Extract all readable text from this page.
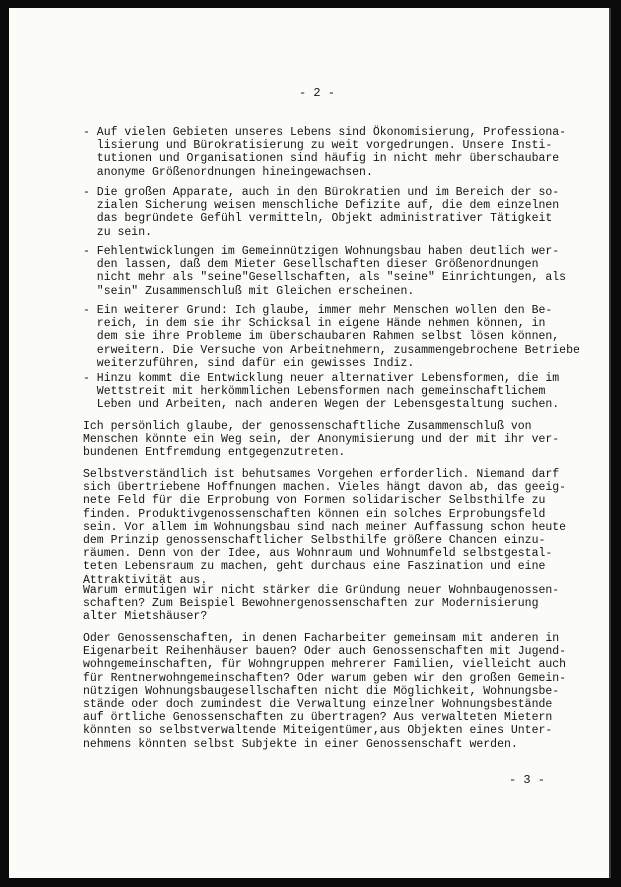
- 2 -
- Auf vielen Gebieten unseres Lebens sind Ökonomisierung, Professiona-
lisierung und Bürokratisierung zu weit vorgedrungen. Unsere Insti-
tutionen und Organisationen sind häufig in nicht mehr überschaubare
anonyme Größenordnungen hineingewachsen.
- Die großen Apparate, auch in den Bürokratien und im Bereich der so-
zialen Sicherung weisen menschliche Defizite auf, die dem einzelnen
das begründete Gefühl vermitteln, Objekt administrativer Tätigkeit
zu sein.
- Fehlentwicklungen im Gemeinnützigen Wohnungsbau haben deutlich wer-
den lassen, daß dem Mieter Gesellschaften dieser Größenordnungen
nicht mehr als "seine"Gesellschaften, als "seine" Einrichtungen, als
"sein" Zusammenschluß mit Gleichen erscheinen.
- Ein weiterer Grund: Ich glaube, immer mehr Menschen wollen den Be-
reich, in dem sie ihr Schicksal in eigene Hände nehmen können, in
dem sie ihre Probleme im überschaubaren Rahmen selbst lösen können,
erweitern. Die Versuche von Arbeitnehmern, zusammengebrochene Betriebe
weiterzuführen, sind dafür ein gewisses Indiz.
- Hinzu kommt die Entwicklung neuer alternativer Lebensformen, die im
Wettstreit mit herkömmlichen Lebensformen nach gemeinschaftlichem
Leben und Arbeiten, nach anderen Wegen der Lebensgestaltung suchen.
Ich persönlich glaube, der genossenschaftliche Zusammenschluß von
Menschen könnte ein Weg sein, der Anonymisierung und der mit ihr ver-
bundenen Entfremdung entgegenzutreten.
Selbstverständlich ist behutsames Vorgehen erforderlich. Niemand darf
sich übertriebene Hoffnungen machen. Vieles hängt davon ab, das geeig-
nete Feld für die Erprobung von Formen solidarischer Selbsthilfe zu
finden. Produktivgenossenschaften können ein solches Erprobungsfeld
sein. Vor allem im Wohnungsbau sind nach meiner Auffassung schon heute
dem Prinzip genossenschaftlicher Selbsthilfe größere Chancen einzu-
räumen. Denn von der Idee, aus Wohnraum und Wohnumfeld selbstgestal-
teten Lebensraum zu machen, geht durchaus eine Faszination und eine
Attraktivität aus.
Warum ermutigen wir nicht stärker die Gründung neuer Wohnbaugenossen-
schaften? Zum Beispiel Bewohnergenossenschaften zur Modernisierung
alter Mietshäuser?
Oder Genossenschaften, in denen Facharbeiter gemeinsam mit anderen in
Eigenarbeit Reihenhäuser bauen? Oder auch Genossenschaften mit Jugend-
wohngemeinschaften, für Wohngruppen mehrerer Familien, vielleicht auch
für Rentnerwohngemeinschaften? Oder warum geben wir den großen Gemein-
nützigen Wohnungsbaugesellschaften nicht die Möglichkeit, Wohnungsbe-
stände oder doch zumindest die Verwaltung einzelner Wohnungsbestände
auf örtliche Genossenschaften zu übertragen? Aus verwalteten Mietern
könnten so selbstverwaltende Miteigentümer,aus Objekten eines Unter-
nehmens könnten selbst Subjekte in einer Genossenschaft werden.
- 3 -
